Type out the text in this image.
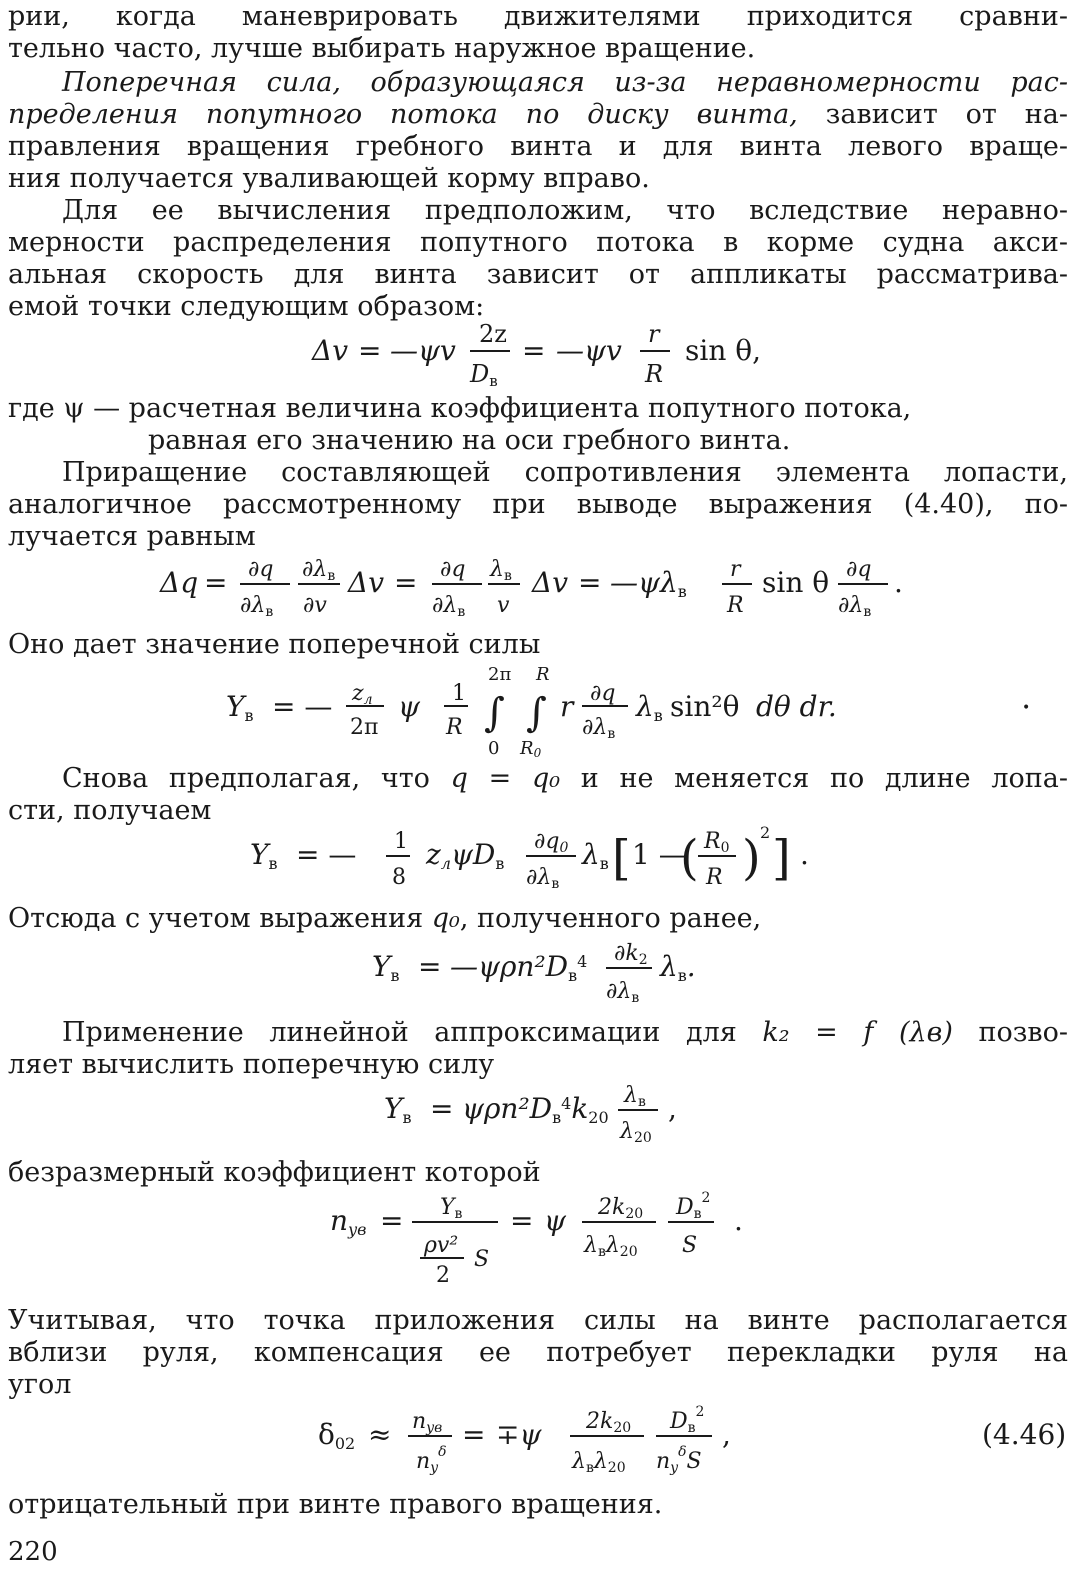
рии, когда маневрировать движителями приходится сравни-
тельно часто, лучше выбирать наружное вращение.
Поперечная сила, образующаяся из-за неравномерности рас-
пределения попутного потока по диску винта, зависит от на-
правления вращения гребного винта и для винта левого враще-
ния получается уваливающей корму вправо.
Для ее вычисления предположим, что вследствие неравно-
мерности распределения попутного потока в корме судна акси-
альная скорость для винта зависит от аппликаты рассматрива-
емой точки следующим образом:
Δv = —ψv 2z
Dв
= —ψv r
R
sin θ,
где ψ — расчетная величина коэффициента попутного потока,
равная его значению на оси гребного винта.
Приращение составляющей сопротивления элемента лопасти,
аналогичное рассмотренному при выводе выражения (4.40), по-
лучается равным
Δq = ∂q
∂λв
∂λв
∂v
Δv = ∂q
∂λв
λв
v
Δv = —ψλв
r
R
sin θ ∂q
∂λв
.
Оно дает значение поперечной силы
Yв = — zл
2π
ψ 1
R
2π
∫
0
R
∫
R0
r ∂q
∂λв
λв sin²θ dθ dr.	•
Снова предполагая, что q = q₀ и не меняется по длине лопа-
сти, получаем
Yв = — 1
8
zлψDв
∂q0
∂λв
λв [ 1 —
( R0
R ) 2 ] .
Отсюда с учетом выражения q₀, полученного ранее,
Yв = $—\psi\rho n^2Dв^4$ ∂k2
∂λв
λв.
Применение линейной аппроксимации для k₂ = f (λв) позво-
ляет вычислить поперечную силу
Yв = $\psi\rho n^2Dв^4k20$
λв
λ20
,
безразмерный коэффициент которой
nyв = Yв
ρv²
2
S
= ψ 2k20
λвλ20
$Dв^2$
S
.
Учитывая, что точка приложения силы на винте располагается
вблизи руля, компенсация ее потребует перекладки руля на
угол
δ02 ≈ nyв
$ny^\delta$
= ∓ψ 2k20
λвλ20
$Dв^2$
$ny^\delta S$
,	(4.46)
отрицательный при винте правого вращения.
220
